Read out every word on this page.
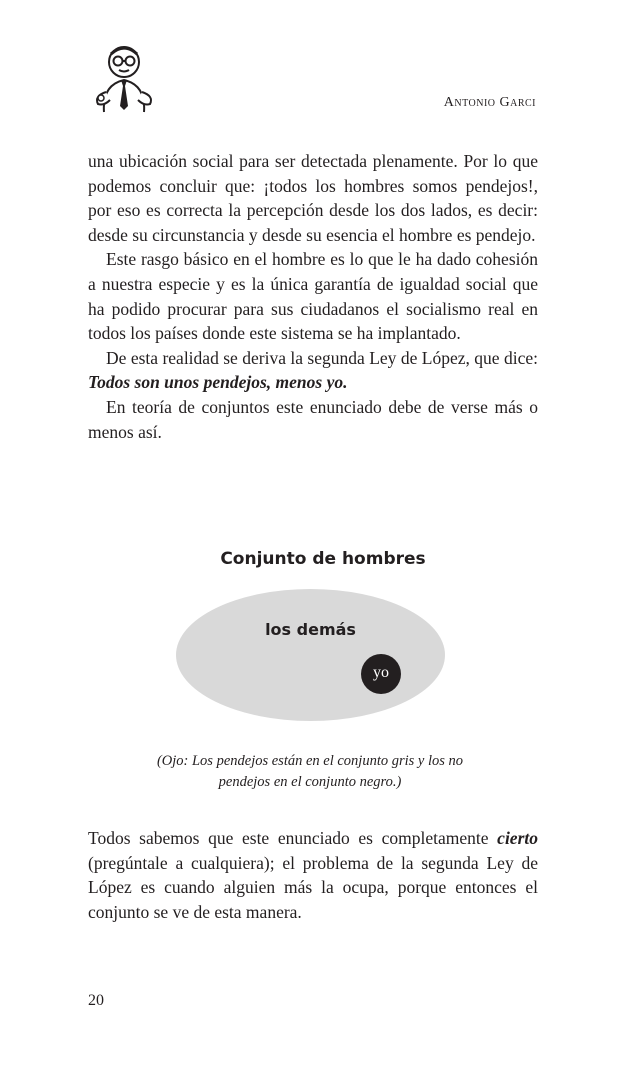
Antonio Garci

una ubicación social para ser detectada plenamente. Por lo que podemos concluir que: ¡todos los hombres somos pendejos!, por eso es correcta la percepción desde los dos lados, es decir: desde su circunstancia y desde su esencia el hombre es pendejo.

Este rasgo básico en el hombre es lo que le ha dado cohesión a nuestra especie y es la única garantía de igualdad social que ha podido procurar para sus ciudadanos el socialismo real en todos los países donde este sistema se ha implantado.

De esta realidad se deriva la segunda Ley de López, que dice: Todos son unos pendejos, menos yo.

En teoría de conjuntos este enunciado debe de verse más o menos así.

Conjunto de hombres
los demás
yo
(Ojo: Los pendejos están en el conjunto gris y los no
pendejos en el conjunto negro.)

Todos sabemos que este enunciado es completamente cierto (pregúntale a cualquiera); el problema de la segunda Ley de López es cuando alguien más la ocupa, porque entonces el conjunto se ve de esta manera.

20
